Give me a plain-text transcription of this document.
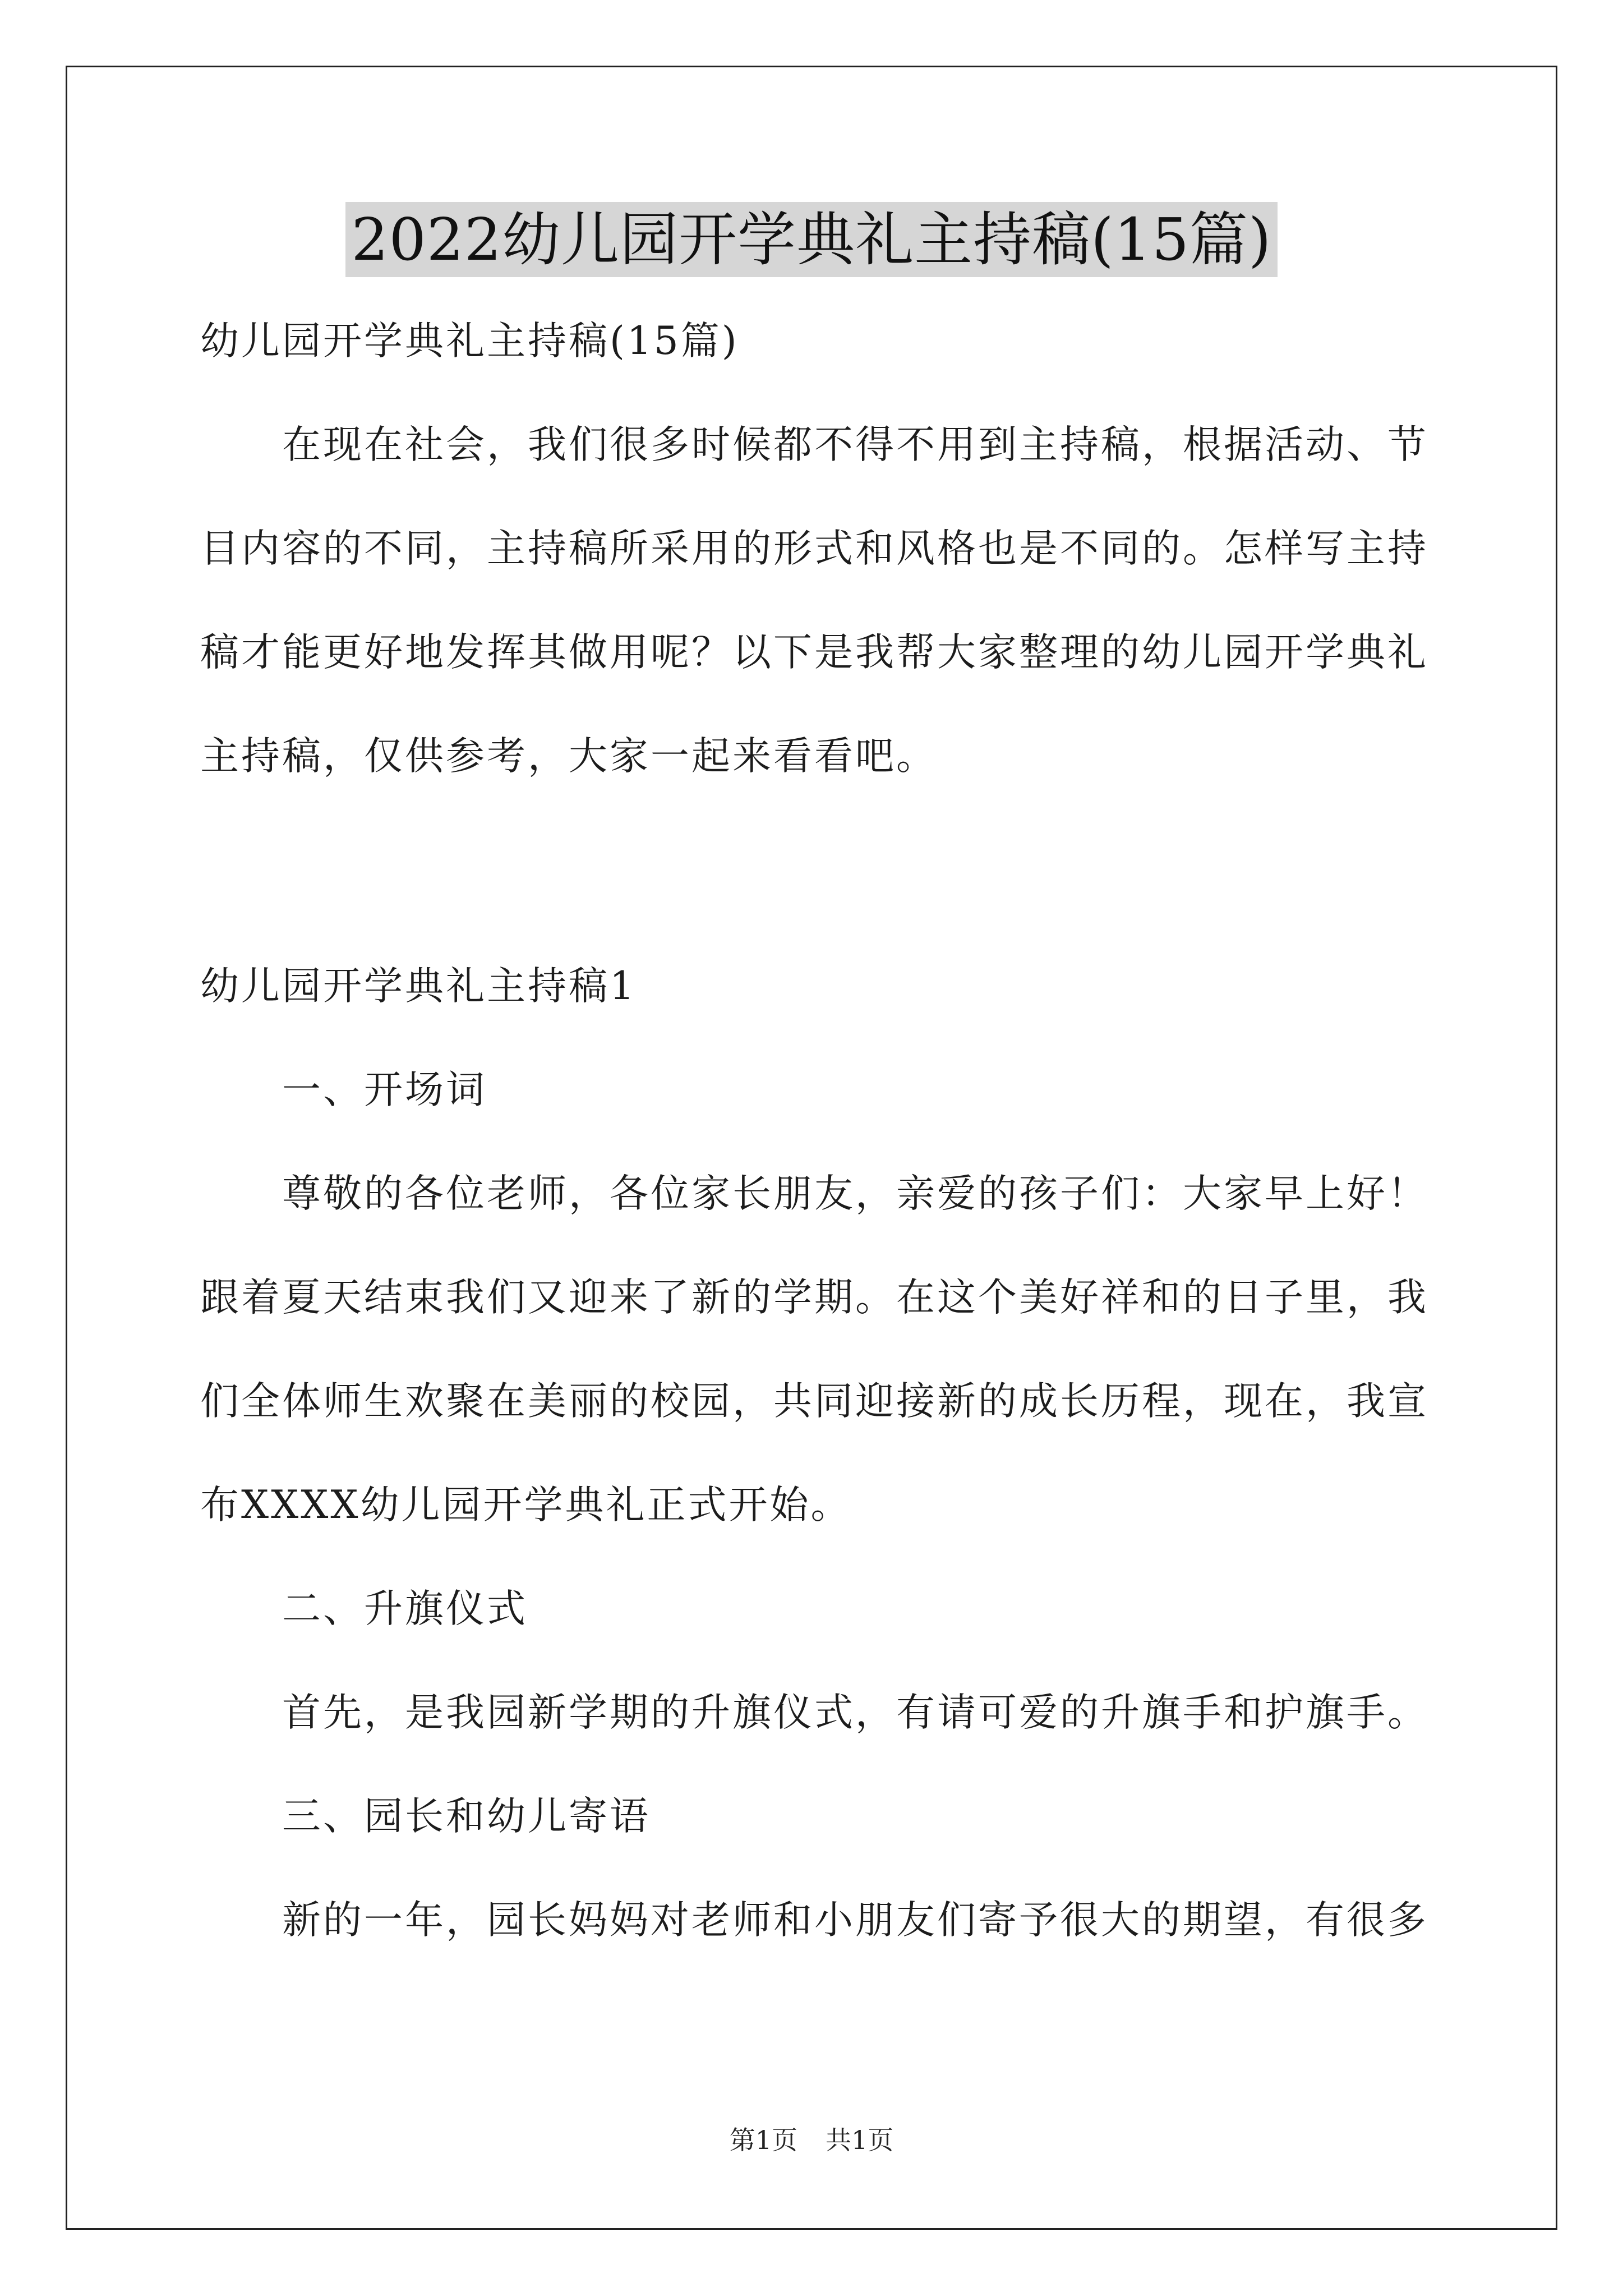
2022幼儿园开学典礼主持稿(15篇)
幼儿园开学典礼主持稿(15篇)
在现在社会，我们很多时候都不得不用到主持稿，根据活动、节
目内容的不同，主持稿所采用的形式和风格也是不同的。怎样写主持
稿才能更好地发挥其做用呢？以下是我帮大家整理的幼儿园开学典礼
主持稿，仅供参考，大家一起来看看吧。
幼儿园开学典礼主持稿1
一、开场词
尊敬的各位老师，各位家长朋友，亲爱的孩子们：大家早上好！
跟着夏天结束我们又迎来了新的学期。在这个美好祥和的日子里，我
们全体师生欢聚在美丽的校园，共同迎接新的成长历程，现在，我宣
布XXXX幼儿园开学典礼正式开始。
二、升旗仪式
首先，是我园新学期的升旗仪式，有请可爱的升旗手和护旗手。
三、园长和幼儿寄语
新的一年，园长妈妈对老师和小朋友们寄予很大的期望，有很多
第1页 共1页
